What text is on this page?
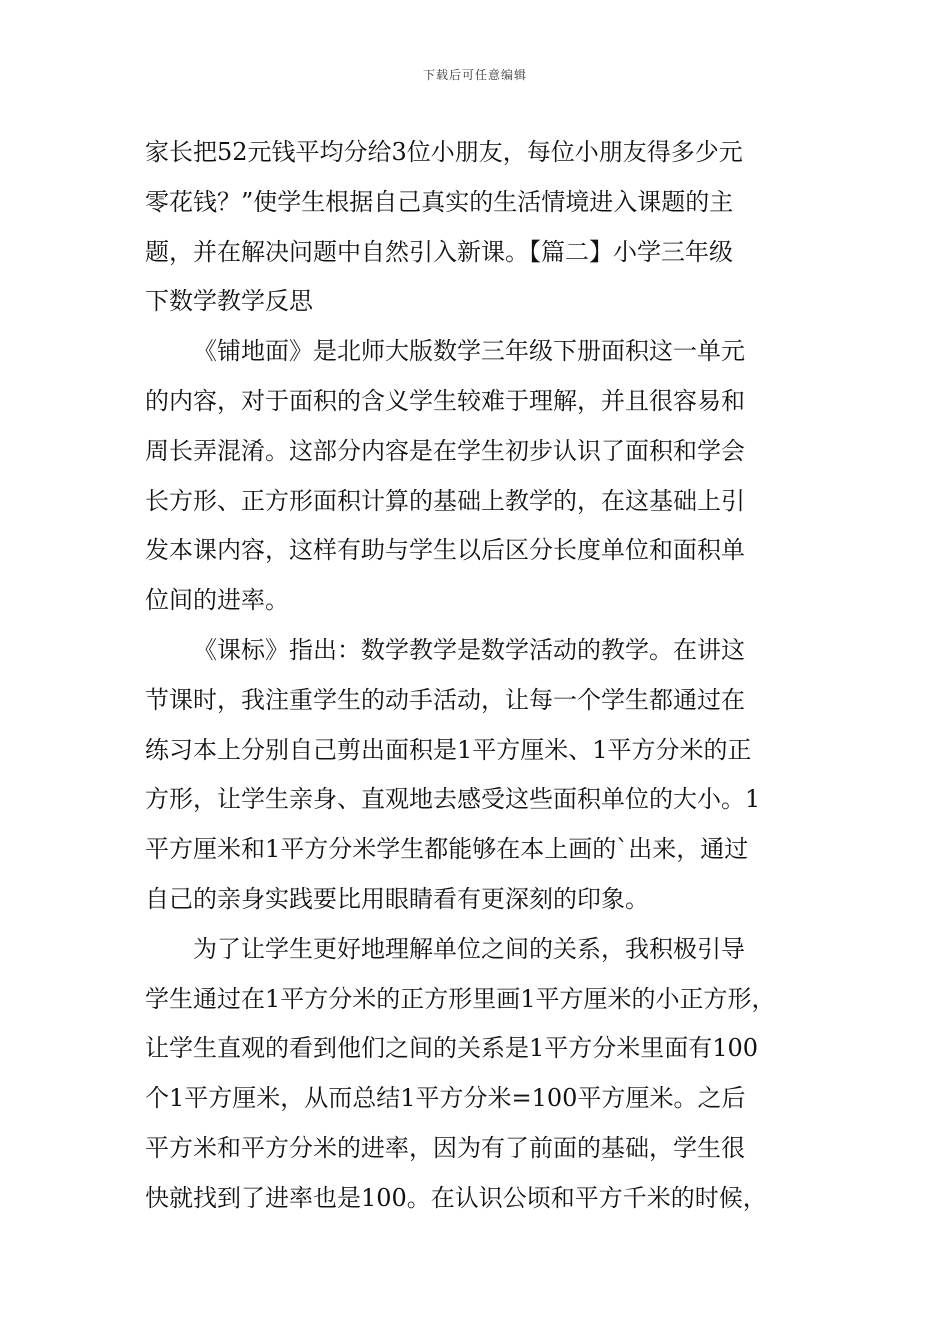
下载后可任意编辑
家长把52元钱平均分给3位小朋友，每位小朋友得多少元
零花钱？”使学生根据自己真实的生活情境进入课题的主
题，并在解决问题中自然引入新课。【篇二】小学三年级
下数学教学反思
《铺地面》是北师大版数学三年级下册面积这一单元
的内容，对于面积的含义学生较难于理解，并且很容易和
周长弄混淆。这部分内容是在学生初步认识了面积和学会
长方形、正方形面积计算的基础上教学的，在这基础上引
发本课内容，这样有助与学生以后区分长度单位和面积单
位间的进率。
《课标》指出：数学教学是数学活动的教学。在讲这
节课时，我注重学生的动手活动，让每一个学生都通过在
练习本上分别自己剪出面积是1平方厘米、1平方分米的正
方形，让学生亲身、直观地去感受这些面积单位的大小。1
平方厘米和1平方分米学生都能够在本上画的`出来，通过
自己的亲身实践要比用眼睛看有更深刻的印象。
为了让学生更好地理解单位之间的关系，我积极引导
学生通过在1平方分米的正方形里画1平方厘米的小正方形，
让学生直观的看到他们之间的关系是1平方分米里面有100
个1平方厘米，从而总结1平方分米=100平方厘米。之后
平方米和平方分米的进率，因为有了前面的基础，学生很
快就找到了进率也是100。在认识公顷和平方千米的时候，
